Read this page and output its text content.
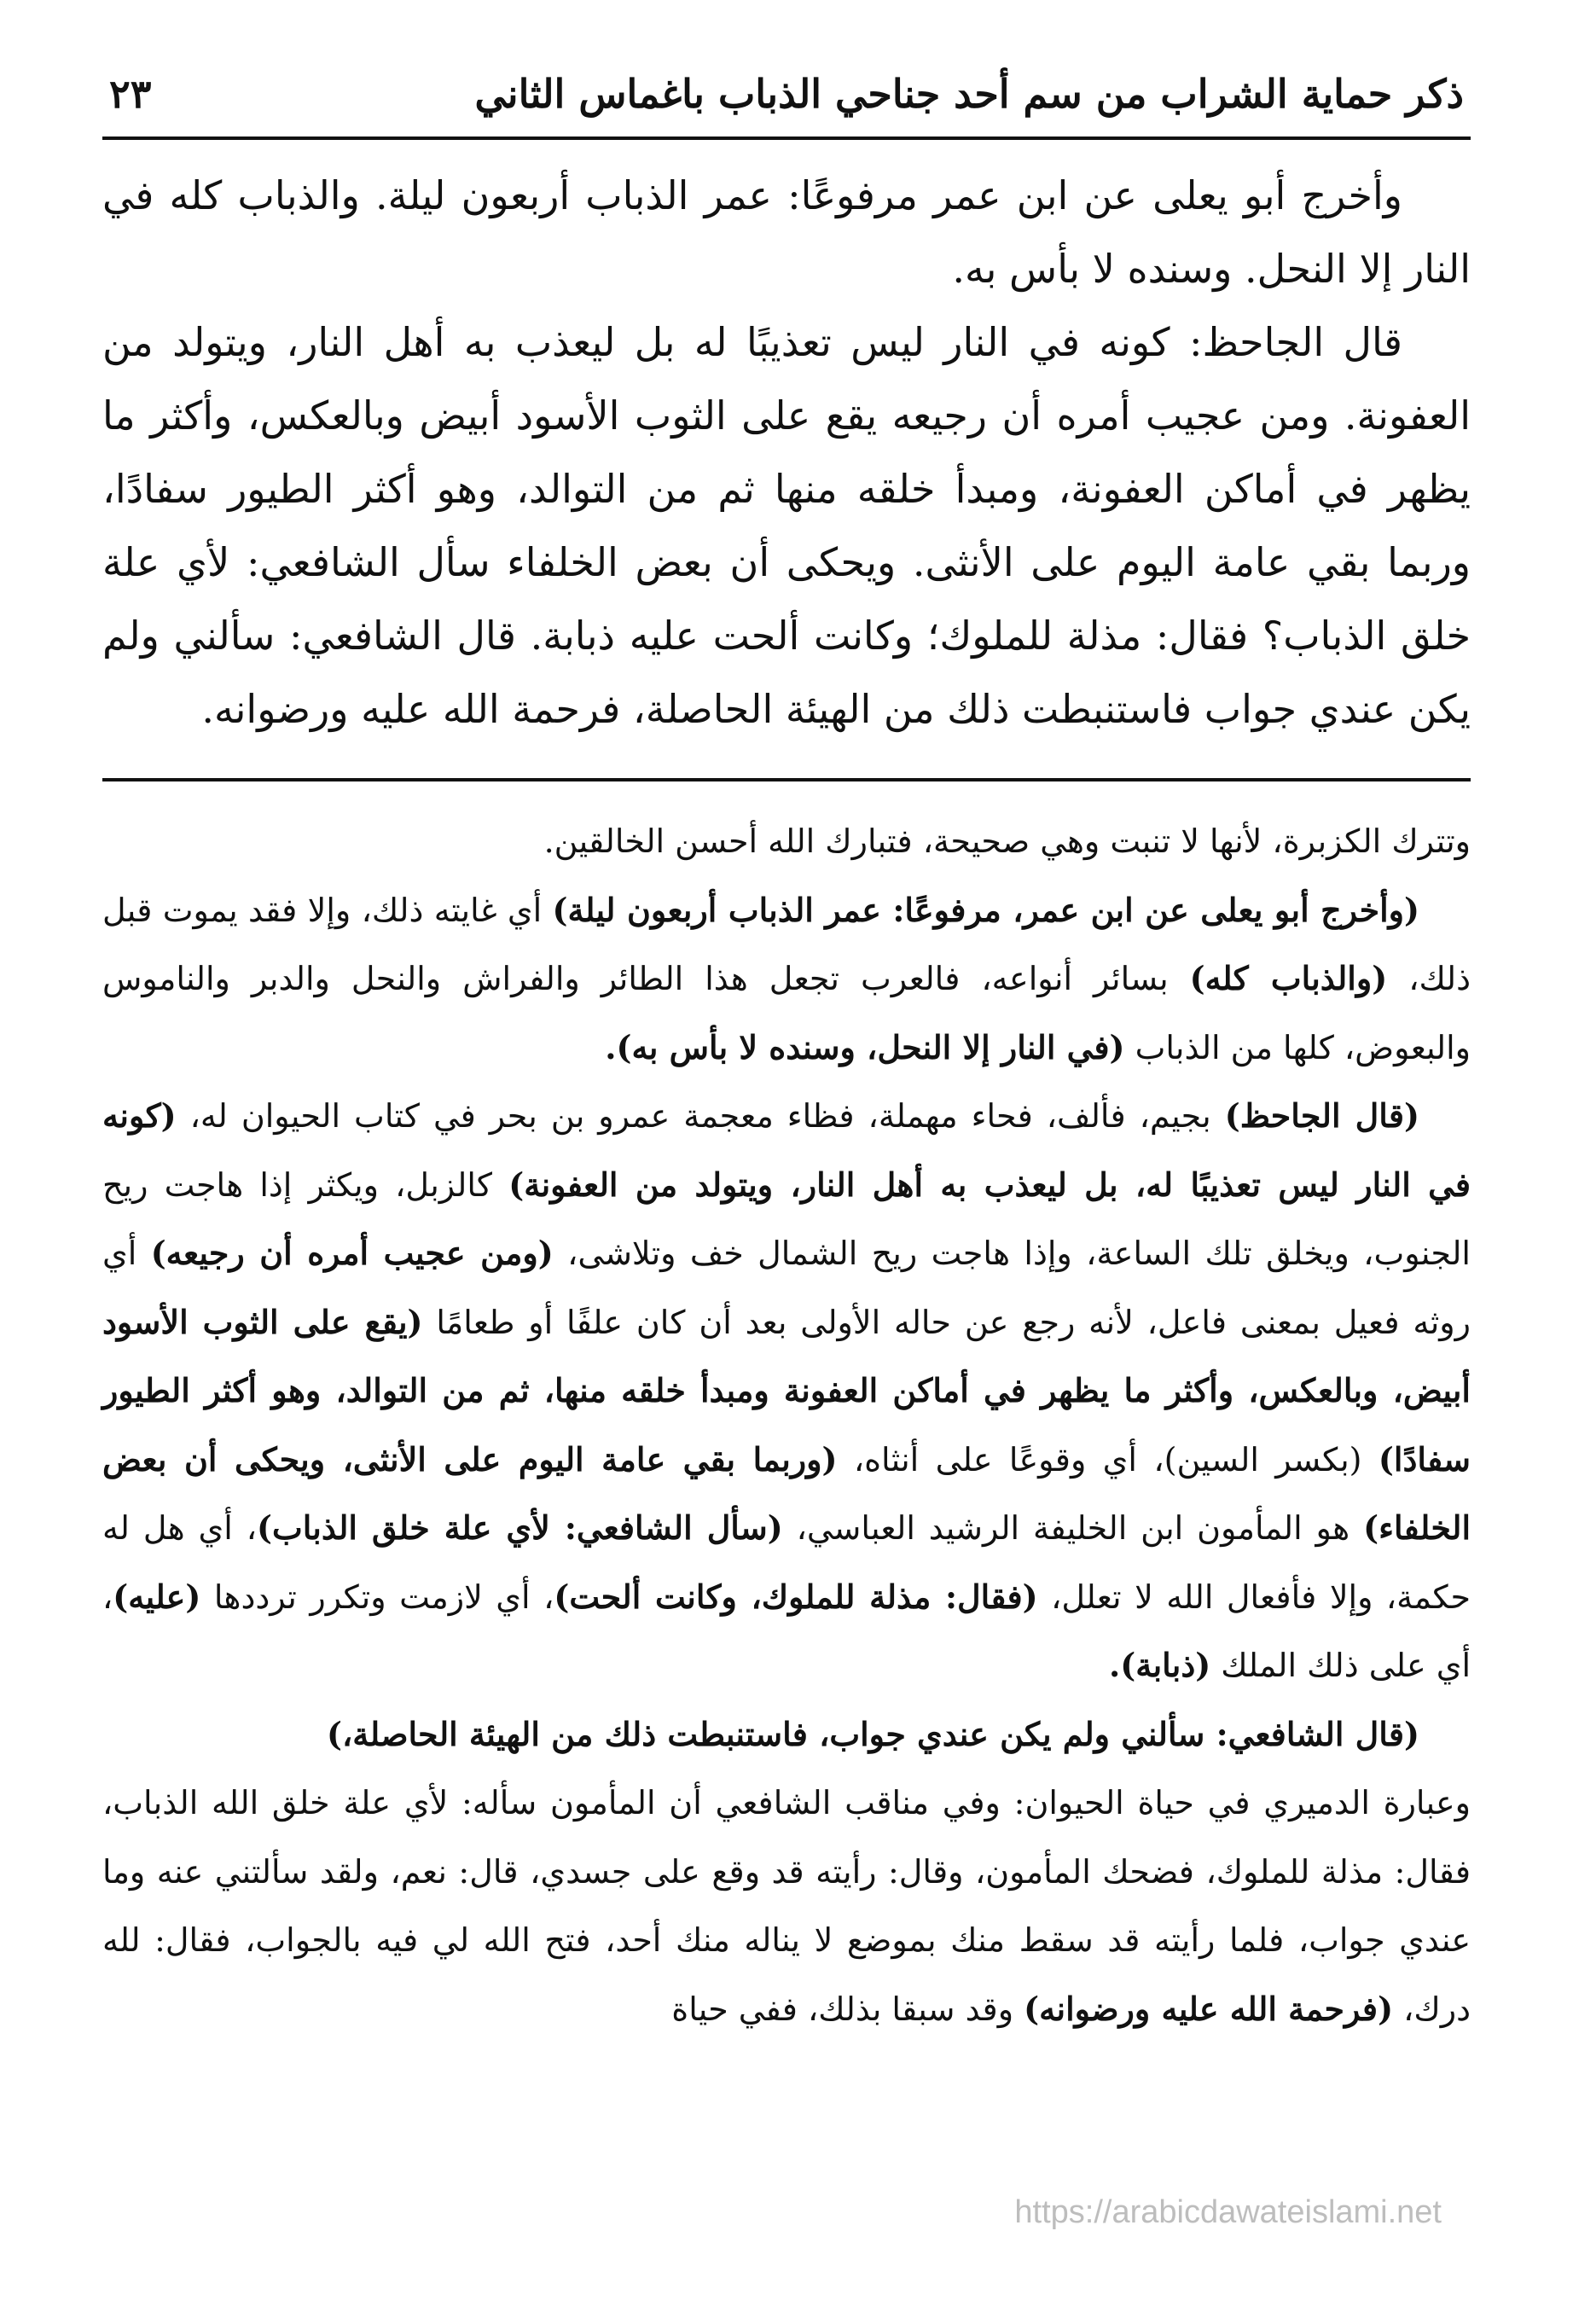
ذكر حماية الشراب من سم أحد جناحي الذباب باغماس الثاني
٢٣

وأخرج أبو يعلى عن ابن عمر مرفوعًا: عمر الذباب أربعون ليلة. والذباب كله في النار إلا النحل. وسنده لا بأس به.

قال الجاحظ: كونه في النار ليس تعذيبًا له بل ليعذب به أهل النار، ويتولد من العفونة. ومن عجيب أمره أن رجيعه يقع على الثوب الأسود أبيض وبالعكس، وأكثر ما يظهر في أماكن العفونة، ومبدأ خلقه منها ثم من التوالد، وهو أكثر الطيور سفادًا، وربما بقي عامة اليوم على الأنثى. ويحكى أن بعض الخلفاء سأل الشافعي: لأي علة خلق الذباب؟ فقال: مذلة للملوك؛ وكانت ألحت عليه ذبابة. قال الشافعي: سألني ولم يكن عندي جواب فاستنبطت ذلك من الهيئة الحاصلة، فرحمة الله عليه ورضوانه.

وتترك الكزبرة، لأنها لا تنبت وهي صحيحة، فتبارك الله أحسن الخالقين.

(وأخرج أبو يعلى عن ابن عمر، مرفوعًا: عمر الذباب أربعون ليلة) أي غايته ذلك، وإلا فقد يموت قبل ذلك، (والذباب كله) بسائر أنواعه، فالعرب تجعل هذا الطائر والفراش والنحل والدبر والناموس والبعوض، كلها من الذباب (في النار إلا النحل، وسنده لا بأس به).

(قال الجاحظ) بجيم، فألف، فحاء مهملة، فظاء معجمة عمرو بن بحر في كتاب الحيوان له، (كونه في النار ليس تعذيبًا له، بل ليعذب به أهل النار، ويتولد من العفونة) كالزبل، ويكثر إذا هاجت ريح الجنوب، ويخلق تلك الساعة، وإذا هاجت ريح الشمال خف وتلاشى، (ومن عجيب أمره أن رجيعه) أي روثه فعيل بمعنى فاعل، لأنه رجع عن حاله الأولى بعد أن كان علفًا أو طعامًا (يقع على الثوب الأسود أبيض، وبالعكس، وأكثر ما يظهر في أماكن العفونة ومبدأ خلقه منها، ثم من التوالد، وهو أكثر الطيور سفادًا) (بكسر السين)، أي وقوعًا على أنثاه، (وربما بقي عامة اليوم على الأنثى، ويحكى أن بعض الخلفاء) هو المأمون ابن الخليفة الرشيد العباسي، (سأل الشافعي: لأي علة خلق الذباب)، أي هل له حكمة، وإلا فأفعال الله لا تعلل، (فقال: مذلة للملوك، وكانت ألحت)، أي لازمت وتكرر ترددها (عليه)، أي على ذلك الملك (ذبابة).

(قال الشافعي: سألني ولم يكن عندي جواب، فاستنبطت ذلك من الهيئة الحاصلة،)

وعبارة الدميري في حياة الحيوان: وفي مناقب الشافعي أن المأمون سأله: لأي علة خلق الله الذباب، فقال: مذلة للملوك، فضحك المأمون، وقال: رأيته قد وقع على جسدي، قال: نعم، ولقد سألتني عنه وما عندي جواب، فلما رأيته قد سقط منك بموضع لا يناله منك أحد، فتح الله لي فيه بالجواب، فقال: لله درك، (فرحمة الله عليه ورضوانه) وقد سبقا بذلك، ففي حياة

https://arabicdawateislami.net
